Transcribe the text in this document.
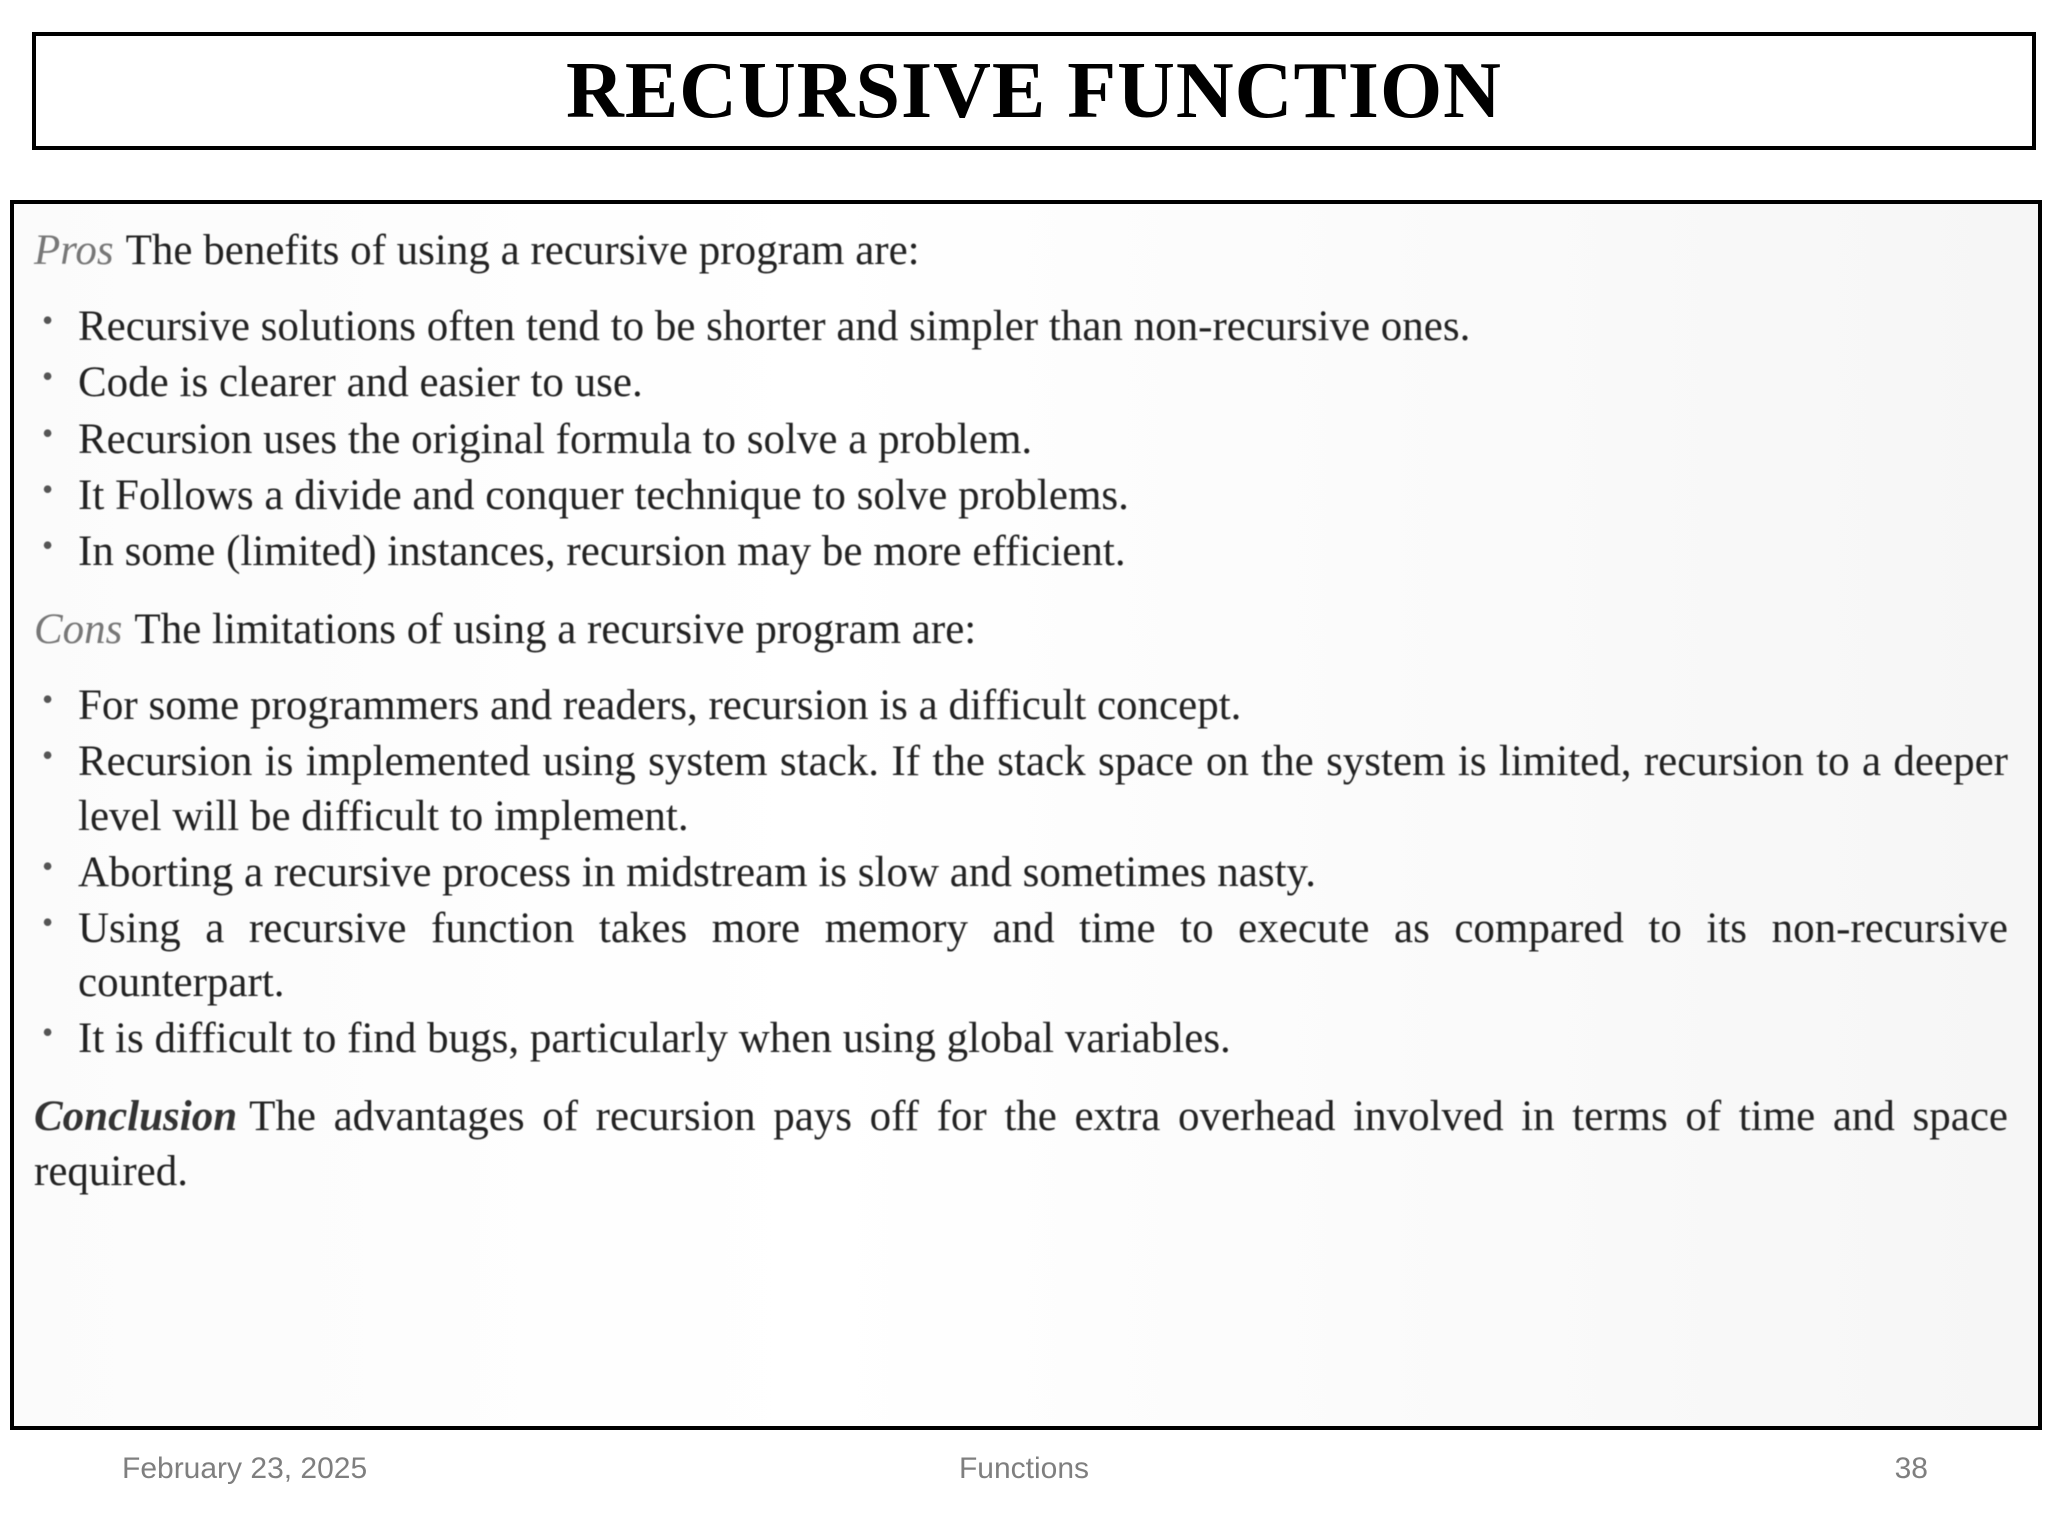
RECURSIVE FUNCTION
Pros The benefits of using a recursive program are:
• Recursive solutions often tend to be shorter and simpler than non-recursive ones.
• Code is clearer and easier to use.
• Recursion uses the original formula to solve a problem.
• It Follows a divide and conquer technique to solve problems.
• In some (limited) instances, recursion may be more efficient.
Cons The limitations of using a recursive program are:
• For some programmers and readers, recursion is a difficult concept.
• Recursion is implemented using system stack. If the stack space on the system is limited, recursion to a deeper level will be difficult to implement.
• Aborting a recursive process in midstream is slow and sometimes nasty.
• Using a recursive function takes more memory and time to execute as compared to its non-recursive counterpart.
• It is difficult to find bugs, particularly when using global variables.
Conclusion The advantages of recursion pays off for the extra overhead involved in terms of time and space required.
February 23, 2025	Functions	38
